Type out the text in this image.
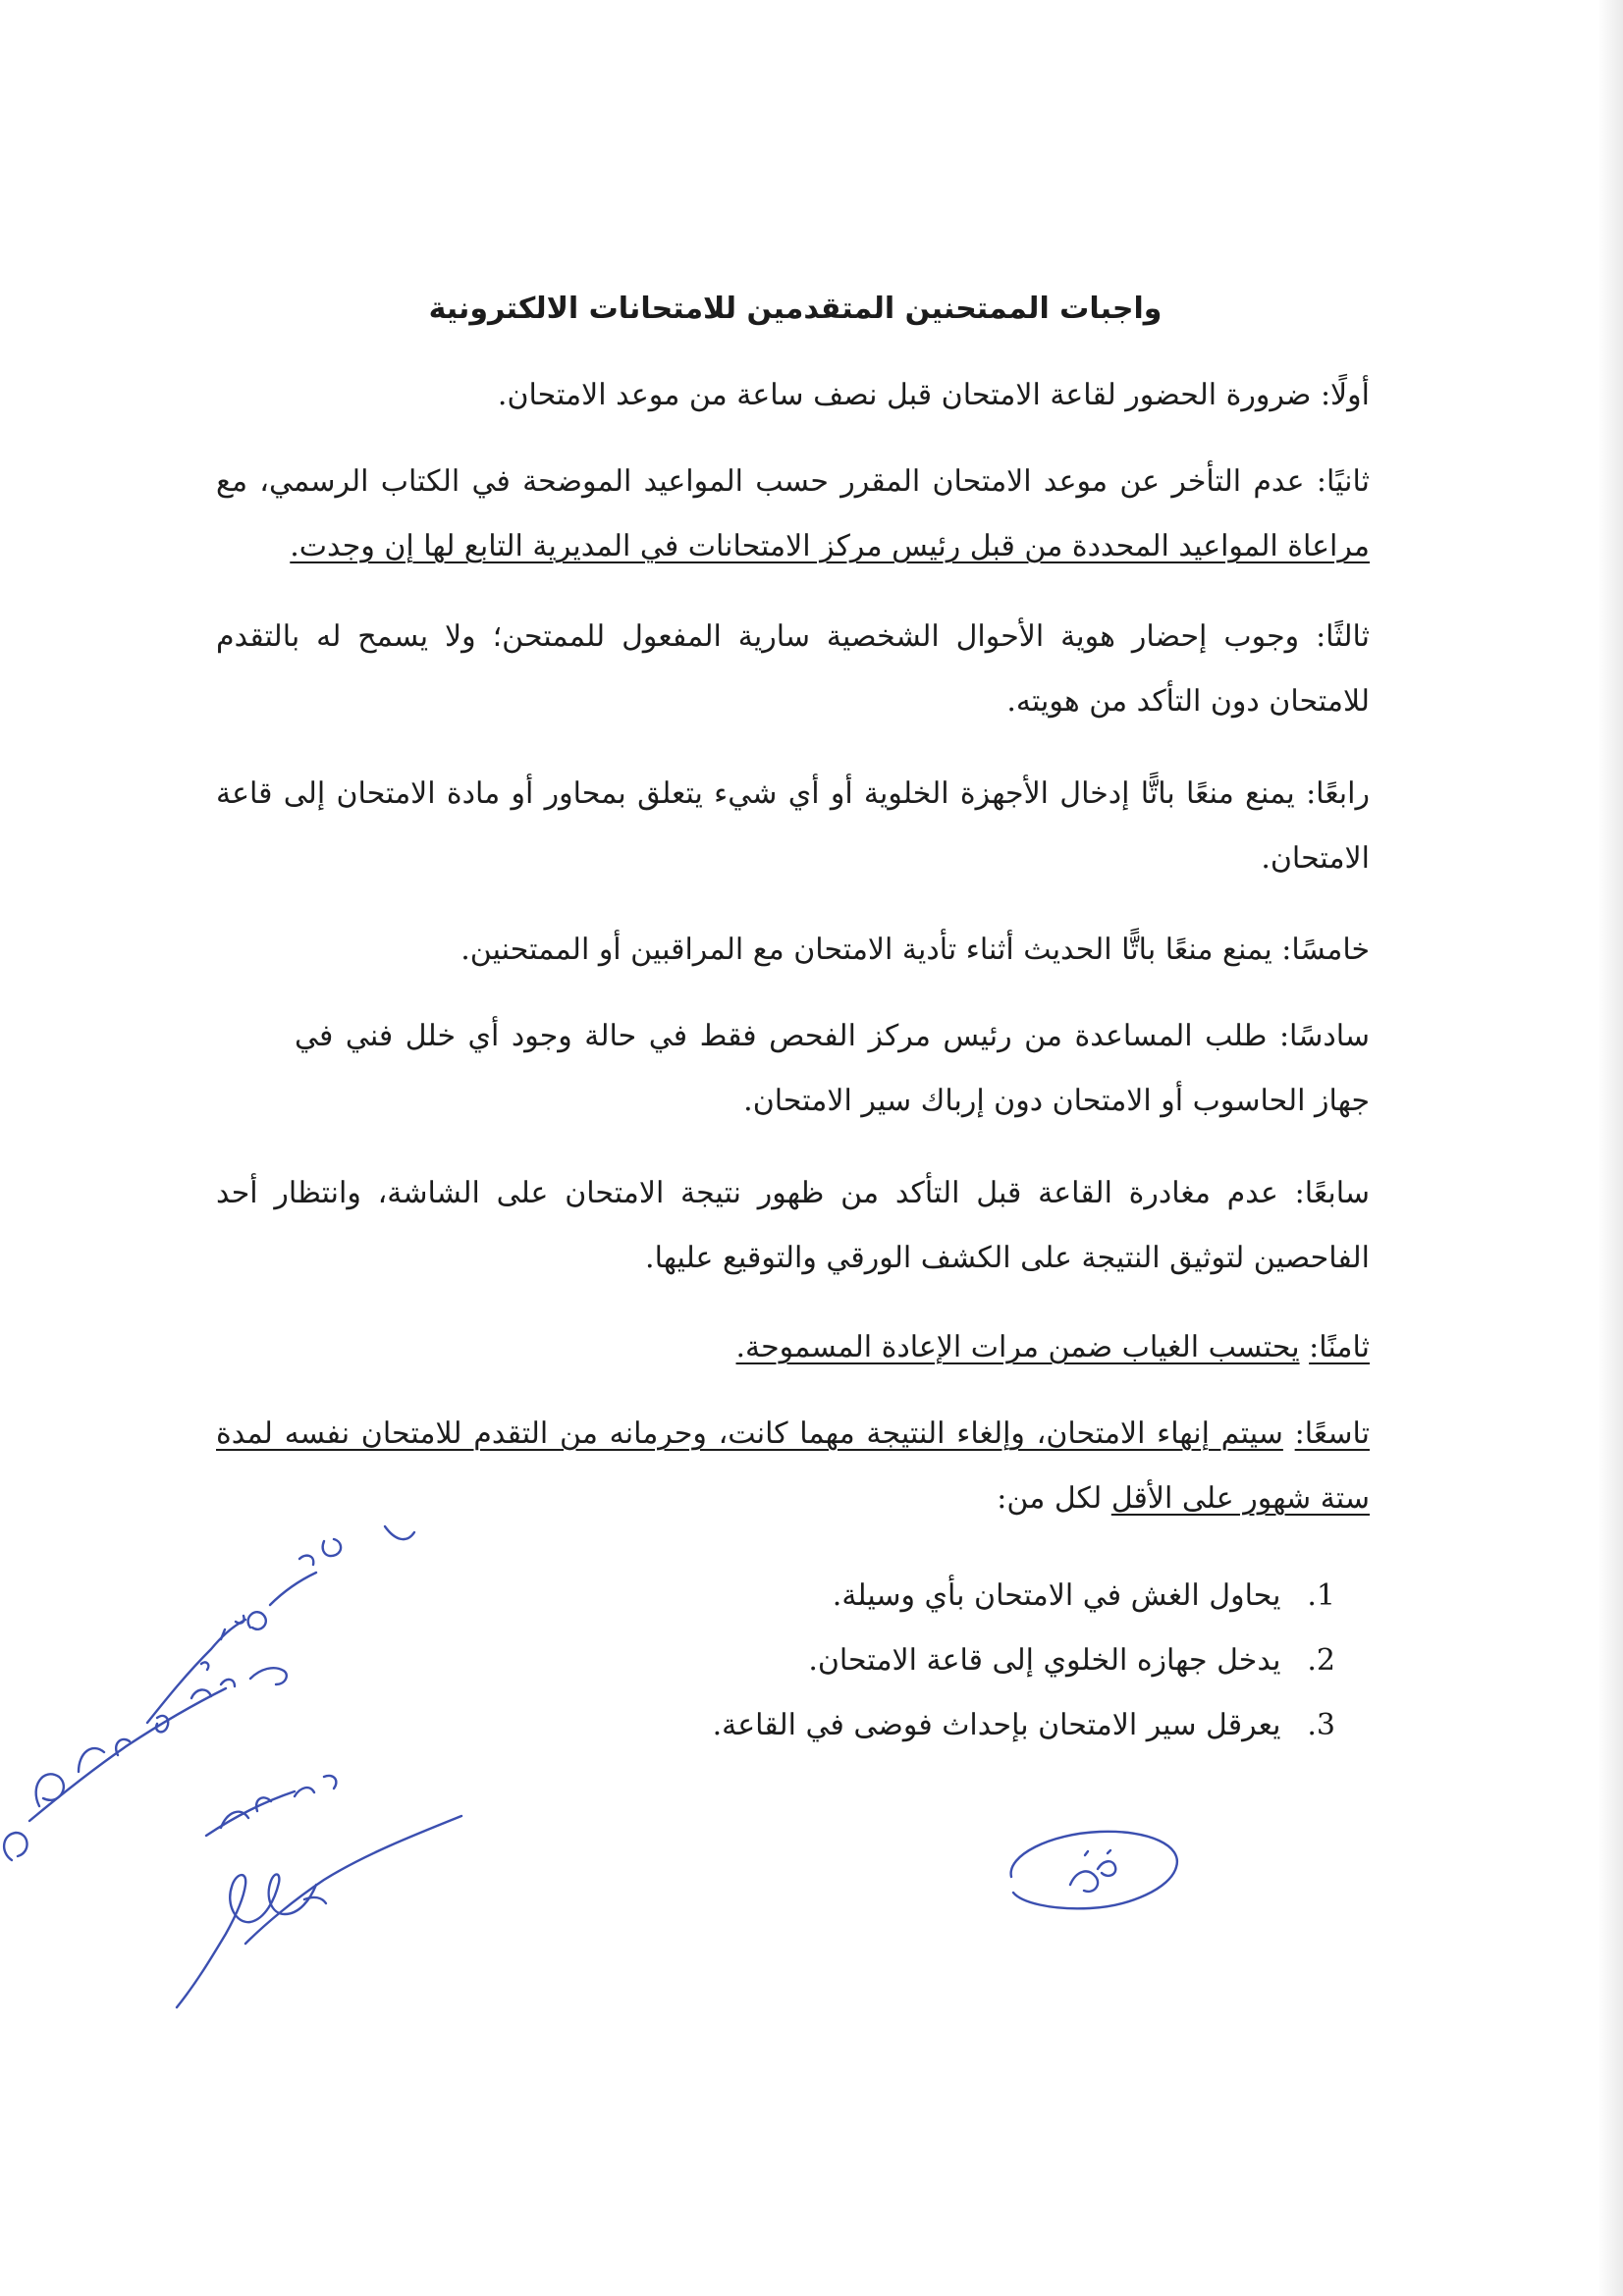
واجبات الممتحنين المتقدمين للامتحانات الالكترونية

أولًا: ضرورة الحضور لقاعة الامتحان قبل نصف ساعة من موعد الامتحان.

ثانيًا: عدم التأخر عن موعد الامتحان المقرر حسب المواعيد الموضحة في الكتاب الرسمي، مع مراعاة المواعيد المحددة من قبل رئيس مركز الامتحانات في المديرية التابع لها إن وجدت.

ثالثًا: وجوب إحضار هوية الأحوال الشخصية سارية المفعول للممتحن؛ ولا يسمح له بالتقدم للامتحان دون التأكد من هويته.

رابعًا: يمنع منعًا باتًّا إدخال الأجهزة الخلوية أو أي شيء يتعلق بمحاور أو مادة الامتحان إلى قاعة الامتحان.

خامسًا: يمنع منعًا باتًّا الحديث أثناء تأدية الامتحان مع المراقبين أو الممتحنين.

سادسًا: طلب المساعدة من رئيس مركز الفحص فقط في حالة وجود أي خلل فني في جهاز الحاسوب أو الامتحان دون إرباك سير الامتحان.

سابعًا: عدم مغادرة القاعة قبل التأكد من ظهور نتيجة الامتحان على الشاشة، وانتظار أحد الفاحصين لتوثيق النتيجة على الكشف الورقي والتوقيع عليها.

ثامنًا: يحتسب الغياب ضمن مرات الإعادة المسموحة.

تاسعًا: سيتم إنهاء الامتحان، وإلغاء النتيجة مهما كانت، وحرمانه من التقدم للامتحان نفسه لمدة ستة شهور على الأقل لكل من:

1. يحاول الغش في الامتحان بأي وسيلة.
2. يدخل جهازه الخلوي إلى قاعة الامتحان.
3. يعرقل سير الامتحان بإحداث فوضى في القاعة.
